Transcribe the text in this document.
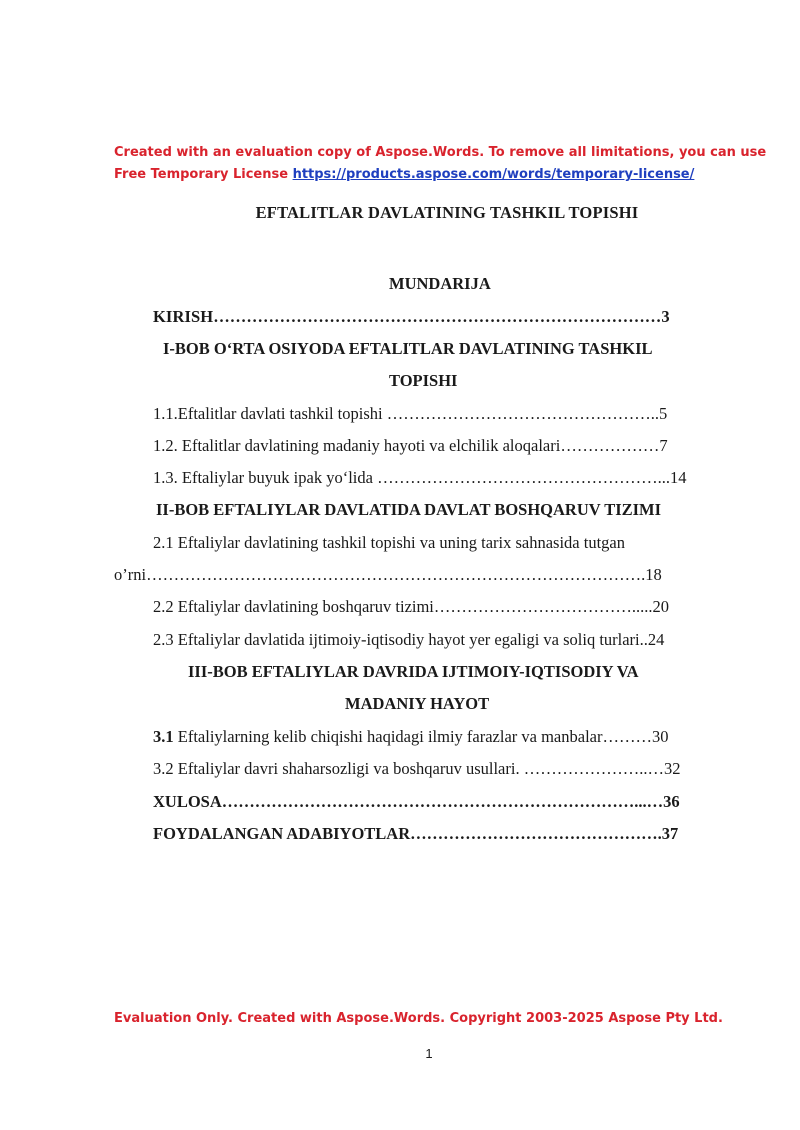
Created with an evaluation copy of Aspose.Words. To remove all limitations, you can use
Free Temporary License https://products.aspose.com/words/temporary-license/
EFTALITLAR DAVLATINING TASHKIL TOPISHI
MUNDARIJA
KIRISH………………………………………………………………………3
I-BOB O‘RTA OSIYODA EFTALITLAR DAVLATINING TASHKIL
TOPISHI
1.1.Eftalitlar davlati tashkil topishi …………………………………………..5
1.2. Eftalitlar davlatining madaniy hayoti va elchilik aloqalari………………7
1.3. Eftaliylar buyuk ipak yo‘lida ……………………………………………...14
II-BOB EFTALIYLAR DAVLATIDA DAVLAT BOSHQARUV TIZIMI
2.1 Eftaliylar davlatining tashkil topishi va uning tarix sahnasida tutgan
o’rni……………………………………………………………………………….18
2.2 Eftaliylar davlatining boshqaruv tizimi……………………………….....20
2.3 Eftaliylar davlatida ijtimoiy-iqtisodiy hayot yer egaligi va soliq turlari..24
III-BOB EFTALIYLAR DAVRIDA IJTIMOIY-IQTISODIY VA
MADANIY HAYOT
3.1 Eftaliylarning kelib chiqishi haqidagi ilmiy farazlar va manbalar………30
3.2 Eftaliylar davri shaharsozligi va boshqaruv usullari. …………………..…32
XULOSA…………………………………………………………………...…36
FOYDALANGAN ADABIYOTLAR……………………………………….37
Evaluation Only. Created with Aspose.Words. Copyright 2003-2025 Aspose Pty Ltd.
1
